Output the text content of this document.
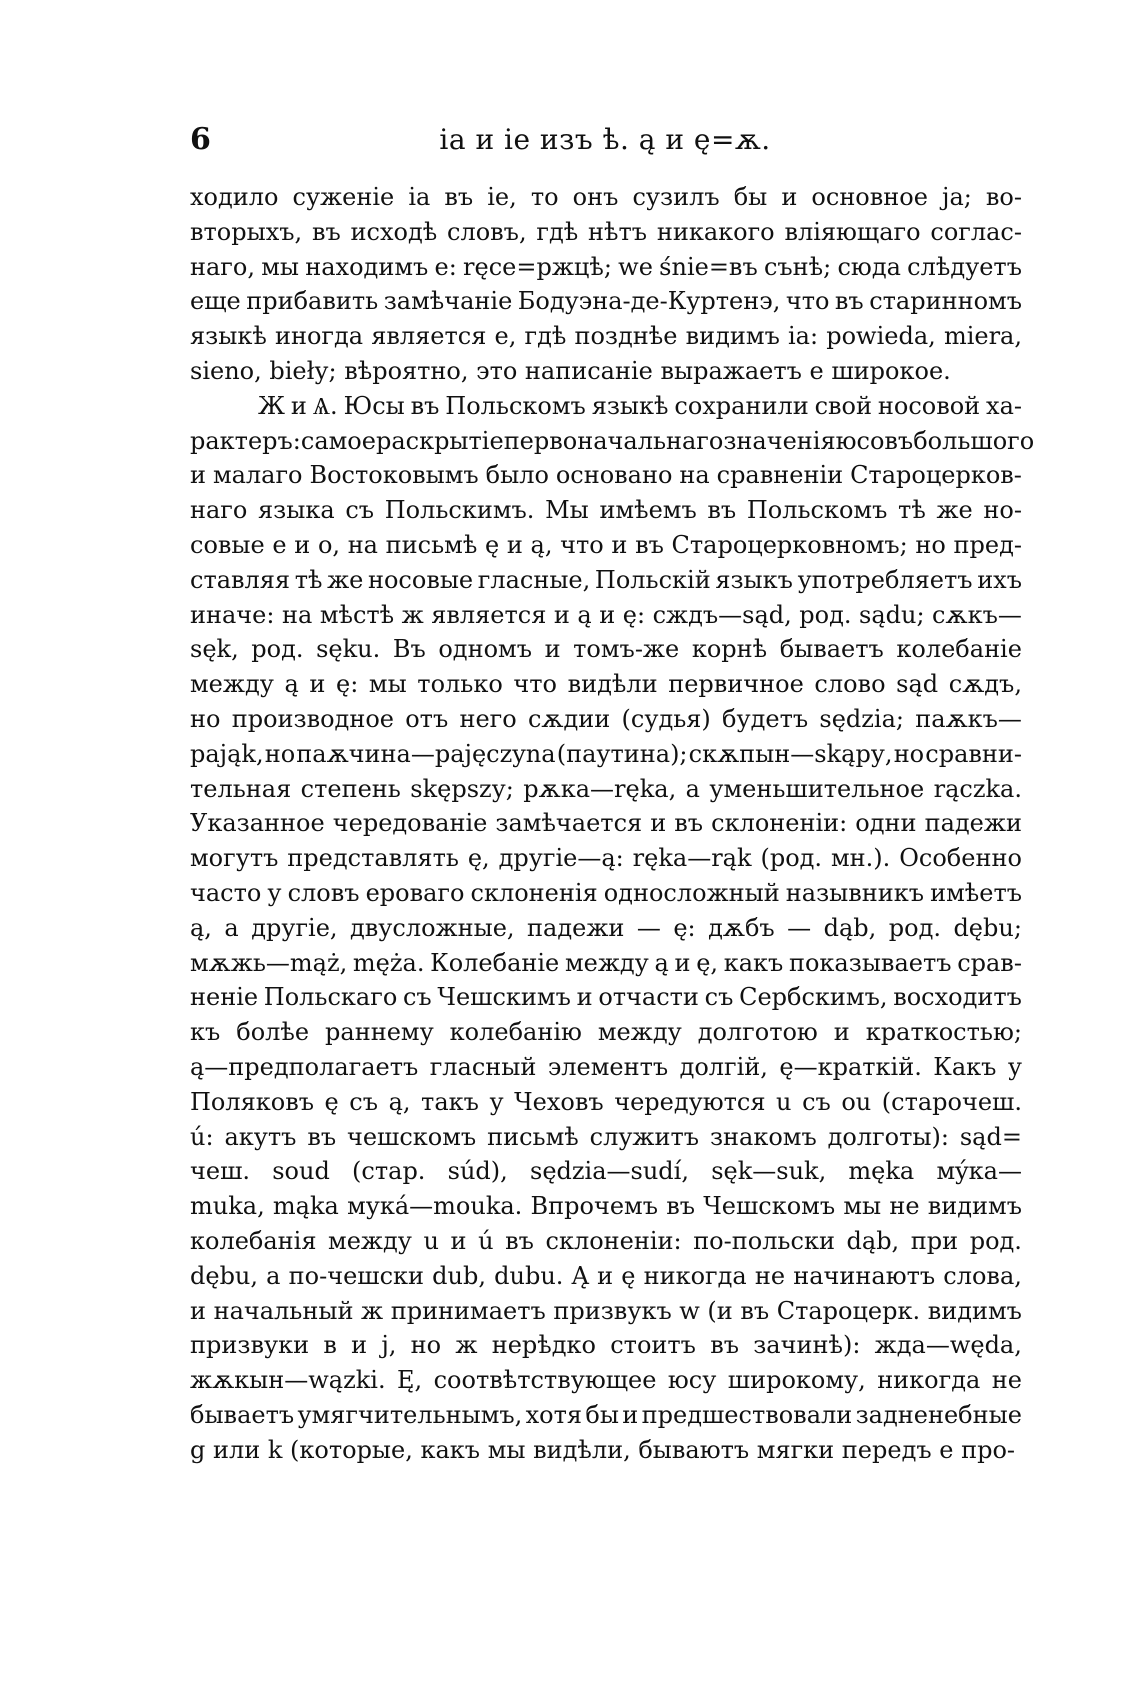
6	ia и ie изъ ѣ. ą и ę=ѫ.
ходило суженіе ia въ ie, то онъ сузилъ бы и основное ja; во-
вторыхъ, въ исходѣ словъ, гдѣ нѣтъ никакого вліяющаго соглас-
наго, мы находимъ e: ręce=ржцѣ; we śnie=въ сънѣ; сюда слѣдуетъ
еще прибавить замѣчаніе Бодуэна-де-Куртенэ, что въ старинномъ
языкѣ иногда является e, гдѣ позднѣе видимъ ia: powieda, miera,
sieno, biełу; вѣроятно, это написаніе выражаетъ e широкое.
Ж и Ѧ. Юсы въ Польскомъ языкѣ сохранили свой носовой ха-
рактеръ: самое раскрытіе первоначальнаго значенія юсовъ большого
и малаго Востоковымъ было основано на сравненіи Староцерков-
наго языка съ Польскимъ. Мы имѣемъ въ Польскомъ тѣ же но-
совые e и o, на письмѣ ę и ą, что и въ Староцерковномъ; но пред-
ставляя тѣ же носовые гласные, Польскій языкъ употребляетъ ихъ
иначе: на мѣстѣ ж является и ą и ę: сждъ—sąd, род. sądu; сѫкъ—
sęk, род. sęku. Въ одномъ и томъ-же корнѣ бываетъ колебаніе
между ą и ę: мы только что видѣли первичное слово sąd сѫдъ,
но производное отъ него сѫдии (судья) будетъ sędzia; паѫкъ—
pająk, но паѫчина—pajęczyna (паутина); скѫпын—skąpу, но сравни-
тельная степень skępszу; рѫка—ręka, а уменьшительное rączka.
Указанное чередованіе замѣчается и въ склоненіи: одни падежи
могутъ представлять ę, другіе—ą: ręka—rąk (род. мн.). Особенно
часто у словъ ероваго склоненія односложный назывникъ имѣетъ
ą, а другіе, двусложные, падежи — ę: дѫбъ — dąb, род. dębu;
мѫжь—mąż, męża. Колебаніе между ą и ę, какъ показываетъ срав-
неніе Польскаго съ Чешскимъ и отчасти съ Сербскимъ, восходитъ
къ болѣе раннему колебанію между долготою и краткостью;
ą—предполагаетъ гласный элементъ долгій, ę—краткій. Какъ у
Поляковъ ę съ ą, такъ у Чеховъ чередуются u съ ou (старочеш.
ú: акутъ въ чешскомъ письмѣ служитъ знакомъ долготы): sąd=
чеш. soud (стар. súd), sędzia—sudí, sęk—suk, męka мýка—
muka, mąka мукá—mouka. Впрочемъ въ Чешскомъ мы не видимъ
колебанія между u и ú въ склоненіи: по-польски dąb, при род.
dębu, а по-чешски dub, dubu. Ą и ę никогда не начинаютъ слова,
и начальный ж принимаетъ призвукъ w (и въ Староцерк. видимъ
призвуки в и j, но ж нерѣдко стоитъ въ зачинѣ): жда—węda,
жѫкын—wązki. Ę, соотвѣтствующее юсу широкому, никогда не
бываетъ умягчительнымъ, хотя бы и предшествовали задненебные
g или k (которые, какъ мы видѣли, бываютъ мягки передъ e про-
